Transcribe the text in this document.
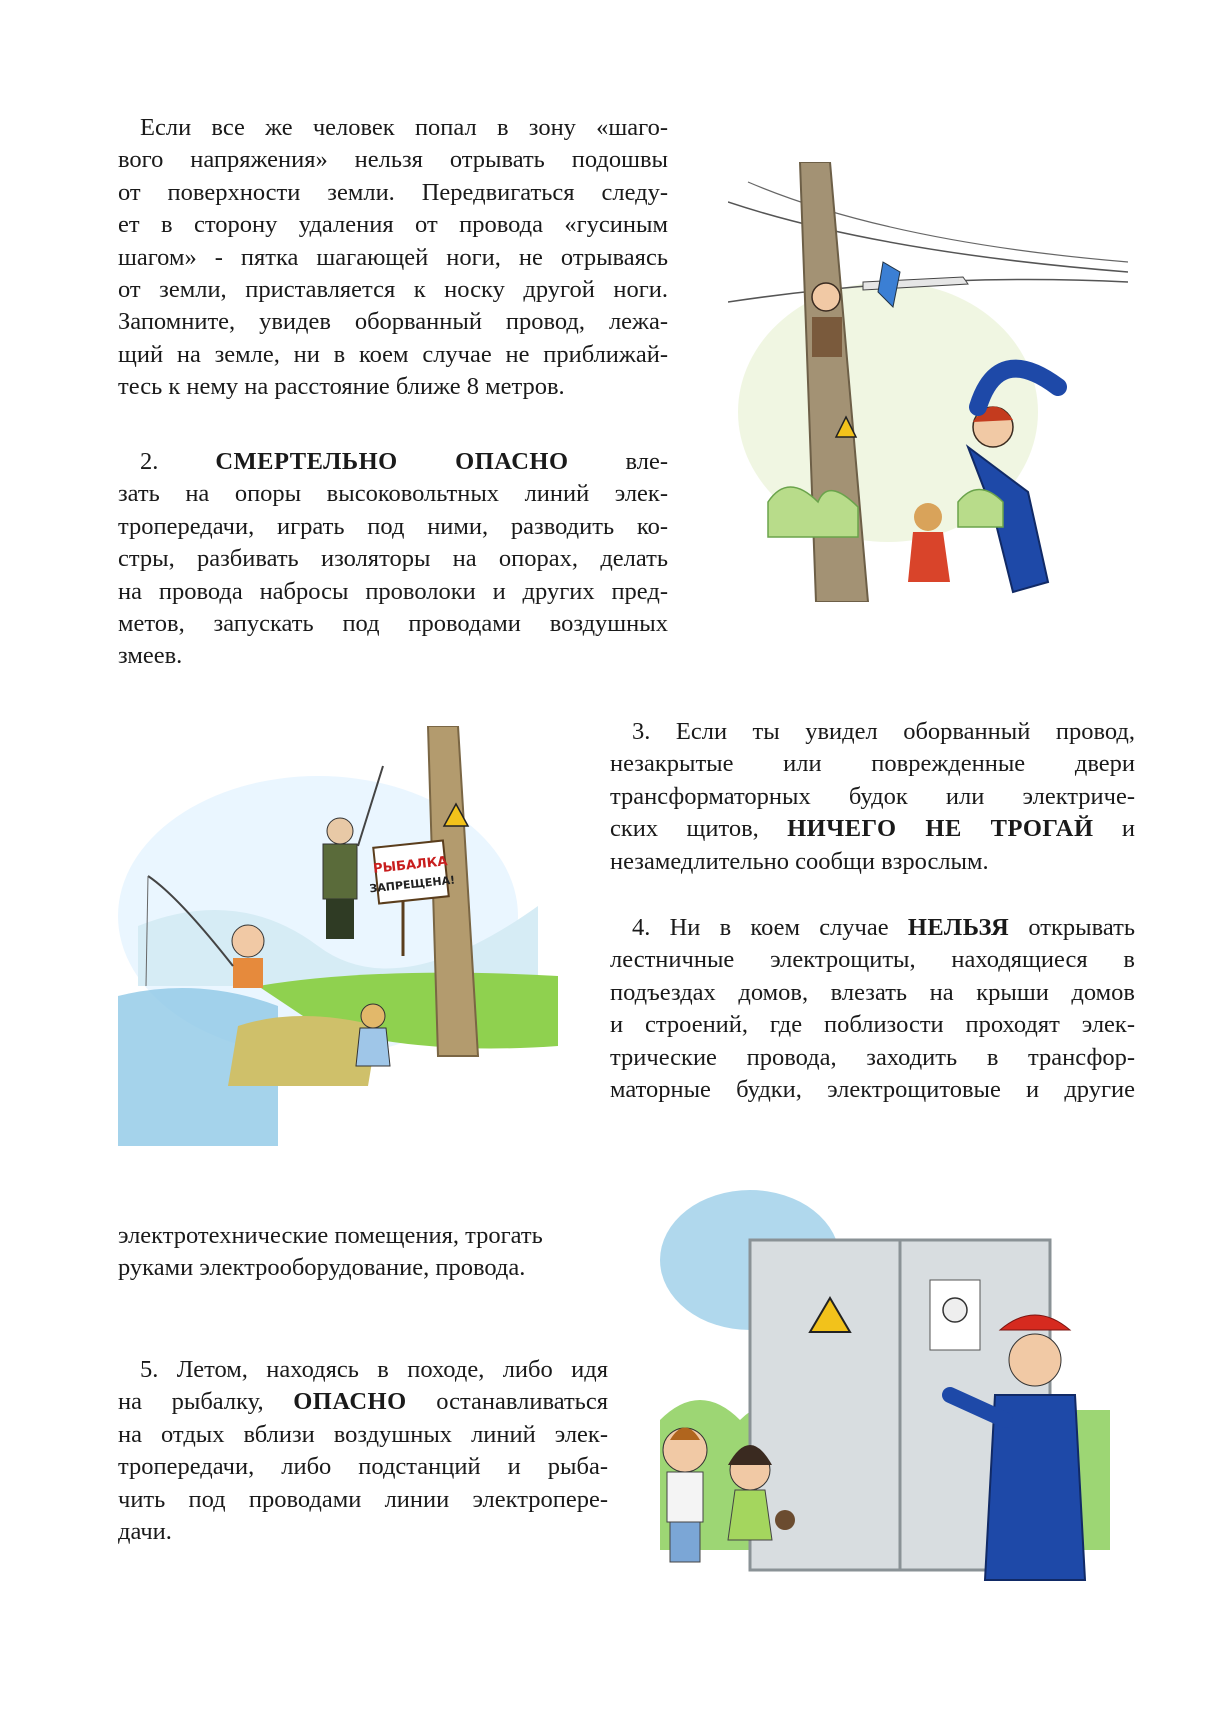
Если все же человек попал в зону «шаго-
вого напряжения» нельзя отрывать подошвы
от поверхности земли. Передвигаться следу-
ет в сторону удаления от провода «гусиным
шагом» - пятка шагающей ноги, не отрываясь
от земли, приставляется к носку другой ноги.
Запомните, увидев оборванный провод, лежа-
щий на земле, ни в коем случае не приближай-
тесь к нему на расстояние ближе 8 метров.
2. СМЕРТЕЛЬНО ОПАСНО вле-
зать на опоры высоковольтных линий элек-
тропередачи, играть под ними, разводить ко-
стры, разбивать изоляторы на опорах, делать
на провода набросы проволоки и других пред-
метов, запускать под проводами воздушных
змеев.
3. Если ты увидел оборванный провод,
незакрытые или поврежденные двери
трансформаторных будок или электриче-
ских щитов, НИЧЕГО НЕ ТРОГАЙ и
незамедлительно сообщи взрослым.
4. Ни в коем случае НЕЛЬЗЯ открывать
лестничные электрощиты, находящиеся в
подъездах домов, влезать на крыши домов
и строений, где поблизости проходят элек-
трические провода, заходить в трансфор-
маторные будки, электрощитовые и другие
электротехнические помещения, трогать
руками электрооборудование, провода.
5. Летом, находясь в походе, либо идя
на рыбалку, ОПАСНО останавливаться
на отдых вблизи воздушных линий элек-
тропередачи, либо подстанций и рыба-
чить под проводами линии электропере-
дачи.
РЫБАЛКА
ЗАПРЕЩЕНА!
